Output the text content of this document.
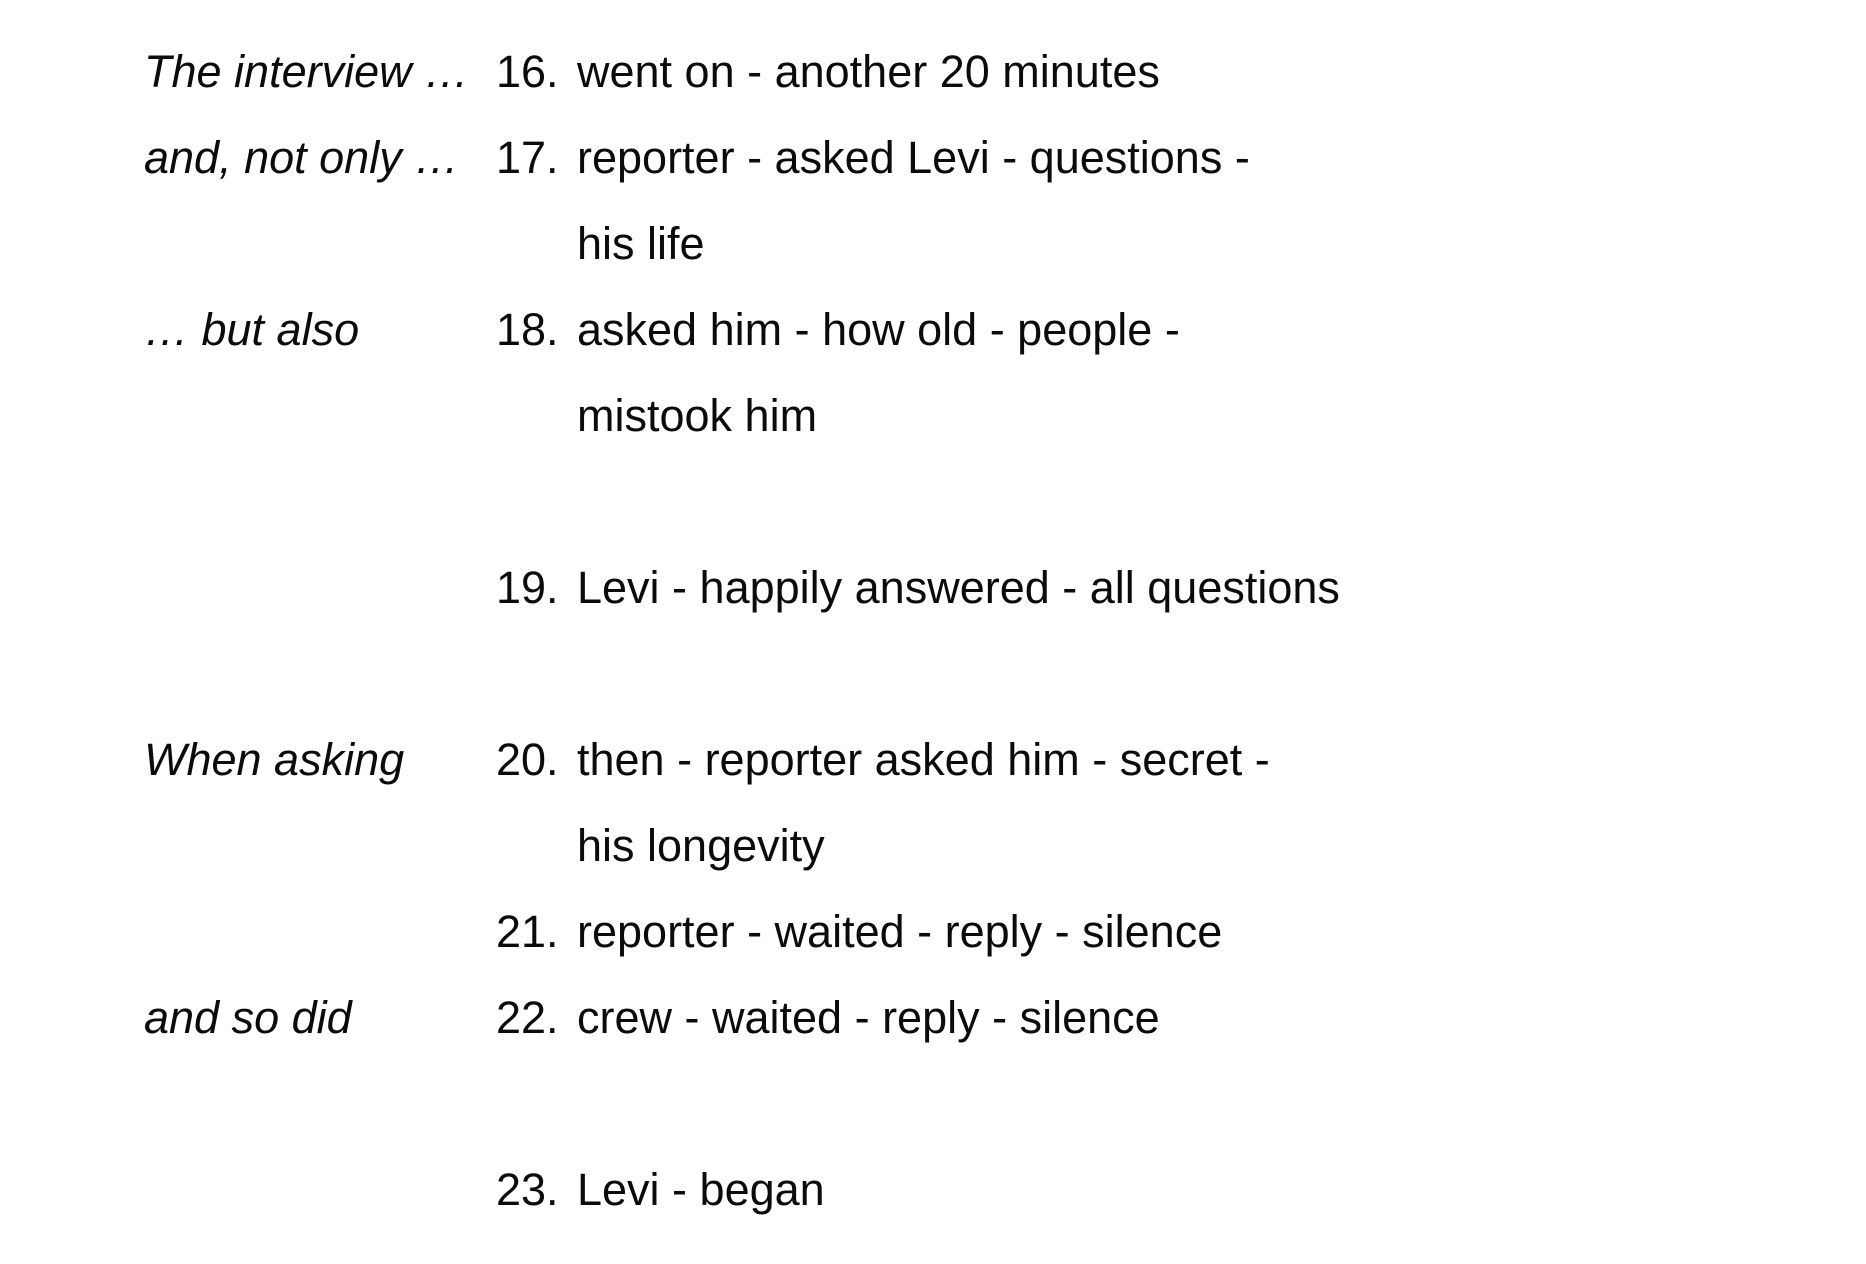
The interview … 16. went on - another 20 minutes
and, not only … 17. reporter - asked Levi - questions -
his life
… but also	18. asked him - how old - people -
mistook him
19. Levi - happily answered - all questions
When asking 20. then - reporter asked him - secret -
his longevity
21. reporter - waited - reply - silence
and so did	22. crew - waited - reply - silence
23. Levi - began
